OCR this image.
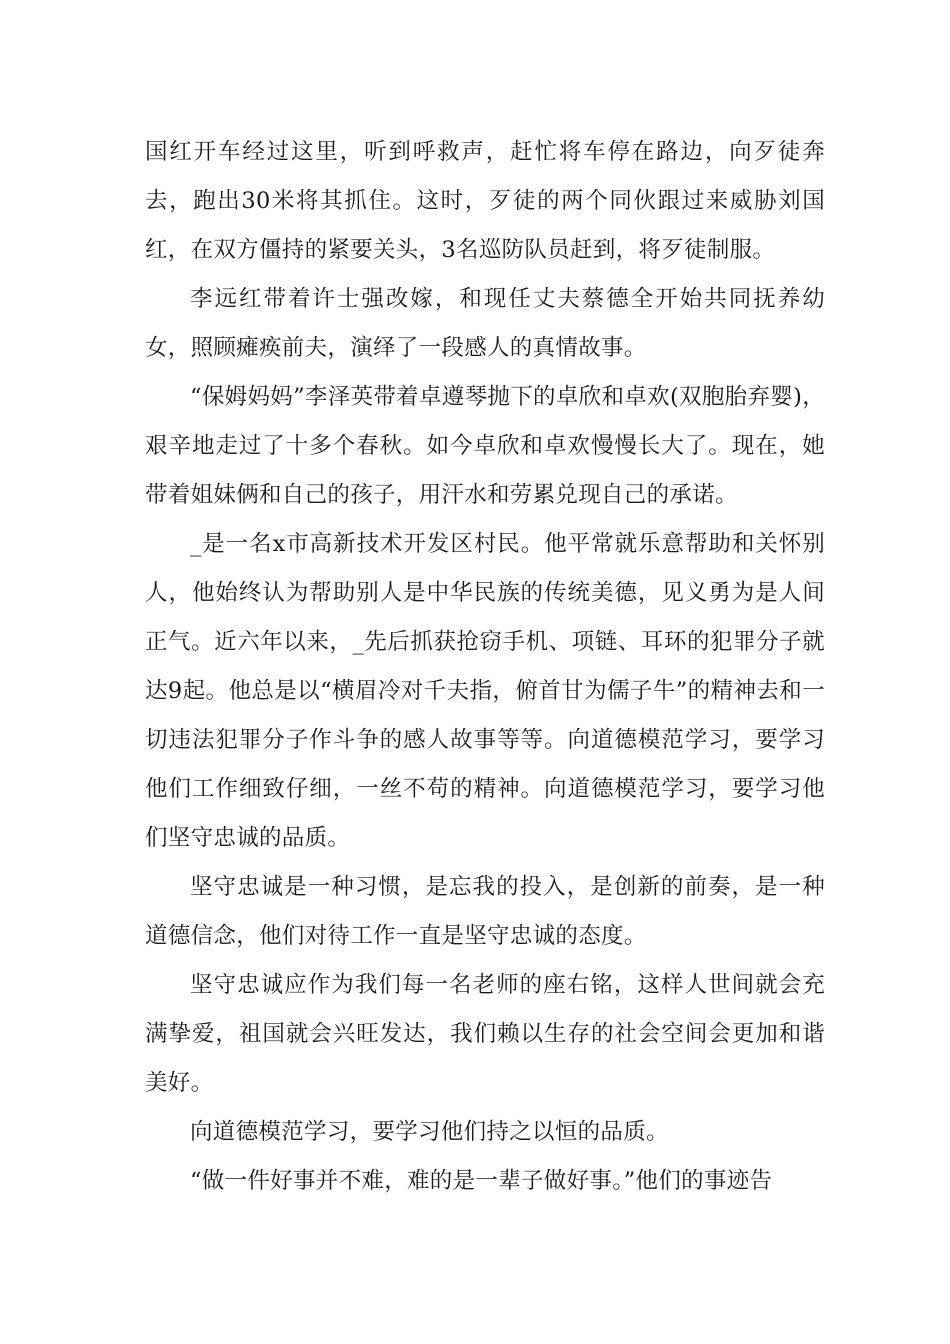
国红开车经过这里，听到呼救声，赶忙将车停在路边，向歹徒奔去，跑出30米将其抓住。这时，歹徒的两个同伙跟过来威胁刘国红，在双方僵持的紧要关头，3名巡防队员赶到，将歹徒制服。

李远红带着许士强改嫁，和现任丈夫蔡德全开始共同抚养幼女，照顾瘫痪前夫，演绎了一段感人的真情故事。

“保姆妈妈”李泽英带着卓遵琴抛下的卓欣和卓欢(双胞胎弃婴)，艰辛地走过了十多个春秋。如今卓欣和卓欢慢慢长大了。现在，她带着姐妹俩和自己的孩子，用汗水和劳累兑现自己的承诺。

_是一名x市高新技术开发区村民。他平常就乐意帮助和关怀别人，他始终认为帮助别人是中华民族的传统美德，见义勇为是人间正气。近六年以来，_先后抓获抢窃手机、项链、耳环的犯罪分子就达9起。他总是以“横眉冷对千夫指，俯首甘为儒子牛”的精神去和一切违法犯罪分子作斗争的感人故事等等。向道德模范学习，要学习他们工作细致仔细，一丝不苟的精神。向道德模范学习，要学习他们坚守忠诚的品质。

坚守忠诚是一种习惯，是忘我的投入，是创新的前奏，是一种道德信念，他们对待工作一直是坚守忠诚的态度。

坚守忠诚应作为我们每一名老师的座右铭，这样人世间就会充满挚爱，祖国就会兴旺发达，我们赖以生存的社会空间会更加和谐美好。

向道德模范学习，要学习他们持之以恒的品质。

“做一件好事并不难，难的是一辈子做好事。”他们的事迹告
